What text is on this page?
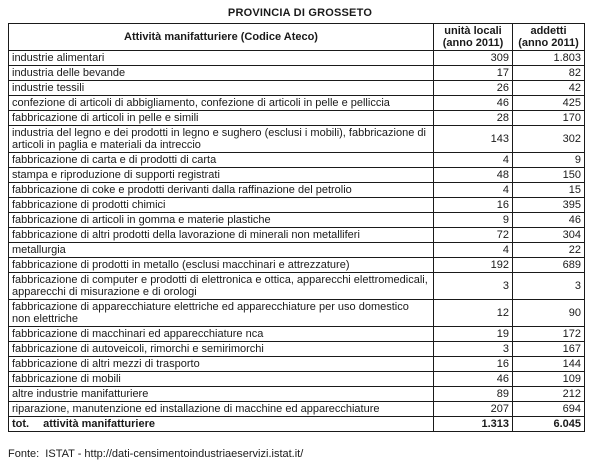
PROVINCIA DI GROSSETO
Attività manifatturiere (Codice Ateco)	unità locali (anno 2011)	addetti (anno 2011)
industrie alimentari	309	1.803
industria delle bevande	17	82
industrie tessili	26	42
confezione di articoli di abbigliamento, confezione di articoli in pelle e pelliccia	46	425
fabbricazione di articoli in pelle e simili	28	170
industria del legno e dei prodotti in legno e sughero (esclusi i mobili), fabbricazione di articoli in paglia e materiali da intreccio	143	302
fabbricazione di carta e di prodotti di carta	4	9
stampa e riproduzione di supporti registrati	48	150
fabbricazione di coke e prodotti derivanti dalla raffinazione del petrolio	4	15
fabbricazione di prodotti chimici	16	395
fabbricazione di articoli in gomma e materie plastiche	9	46
fabbricazione di altri prodotti della lavorazione di minerali non metalliferi	72	304
metallurgia	4	22
fabbricazione di prodotti in metallo (esclusi macchinari e attrezzature)	192	689
fabbricazione di computer e prodotti di elettronica e ottica, apparecchi elettromedicali, apparecchi di misurazione e di orologi	3	3
fabbricazione di apparecchiature elettriche ed apparecchiature per uso domestico non elettriche	12	90
fabbricazione di macchinari ed apparecchiature nca	19	172
fabbricazione di autoveicoli, rimorchi e semirimorchi	3	167
fabbricazione di altri mezzi di trasporto	16	144
fabbricazione di mobili	46	109
altre industrie manifatturiere	89	212
riparazione, manutenzione ed installazione di macchine ed apparecchiature	207	694
tot. attività manifatturiere	1.313	6.045
Fonte:  ISTAT - http://dati-censimentoindustriaeservizi.istat.it/
